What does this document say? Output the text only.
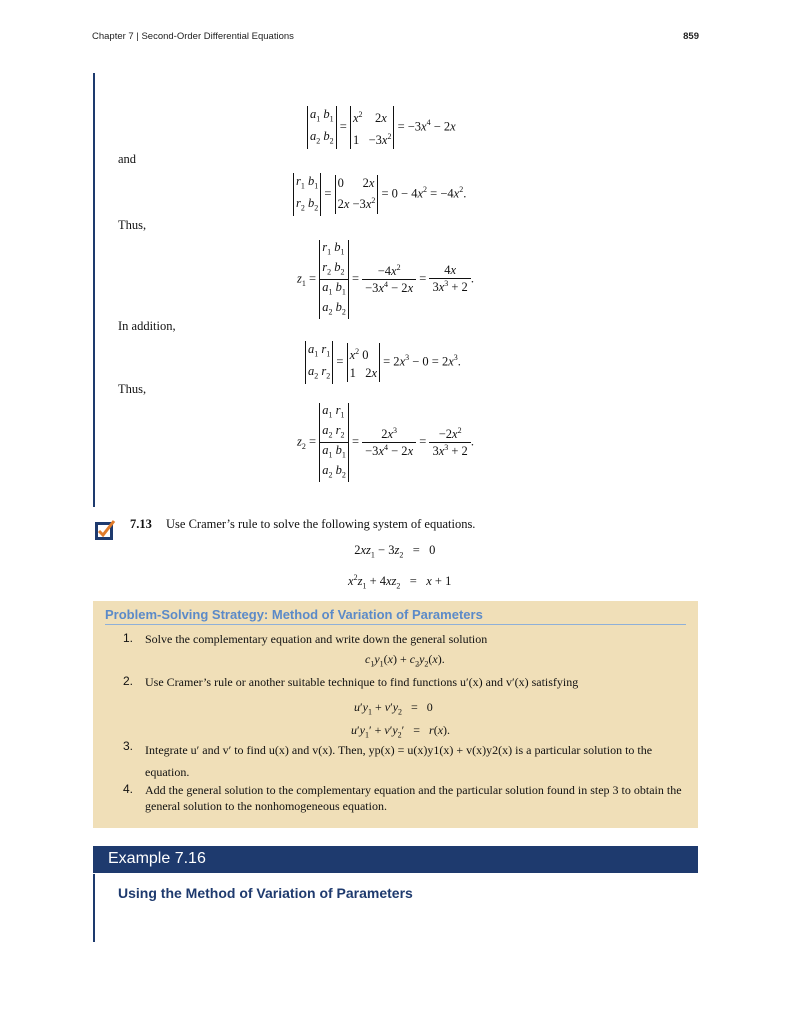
Chapter 7 | Second-Order Differential Equations	859
$a_1$ $b_1$
$a_2$ $b_2$
=
$x^2$    2x
$1 -3x^2$
= $-3x^4 - 2x$
and
$r_1$ $b_1$
$r_2$ $b_2$
=
0      2x
$2x -3x^2$
= $0 - 4x^2 = -4x^2$.
Thus,
$z_1$ =
$r_1$ $b_1$
$r_2$ $b_2$
$a_1$ $b_1$
$a_2$ $b_2$
= $\frac{-4x^2}{-3x^4 - 2x} = \frac{4x}{3x^3 + 2}$ .
In addition,
$a_1$ $r_1$
$a_2$ $r_2$
= $x^2$ 0
1   2x
= $2x^3 - 0 = 2x^3$.
Thus,
$z_2$ =
$a_1$ $r_1$
$a_2$ $r_2$
$a_1$ $b_1$
$a_2$ $b_2$
= $\frac{2x^3}{-3x^4 - 2x} = \frac{-2x^2}{3x^3 + 2}$ .
7.13 Use Cramer’s rule to solve the following system of equations.
$2xz_1 - 3z_2 = 0$
$x^2z_1 + 4xz_2 = x + 1$
Problem-Solving Strategy: Method of Variation of Parameters
1. Solve the complementary equation and write down the general solution
$c_1y_1(x) + c_2y_2(x)$.
2. Use Cramer’s rule or another suitable technique to find functions u′(x) and v′(x) satisfying
$u'y_1 + v'y_2 = 0$
$u'y_1' + v'y_2' = r(x)$.
3. Integrate u′ and v′ to find u(x) and v(x). Then, yp(x) = u(x)y1(x) + v(x)y2(x) is a particular solution to the equation.
4. Add the general solution to the complementary equation and the particular solution found in step 3 to obtain the general solution to the nonhomogeneous equation.
Example 7.16
Using the Method of Variation of Parameters
